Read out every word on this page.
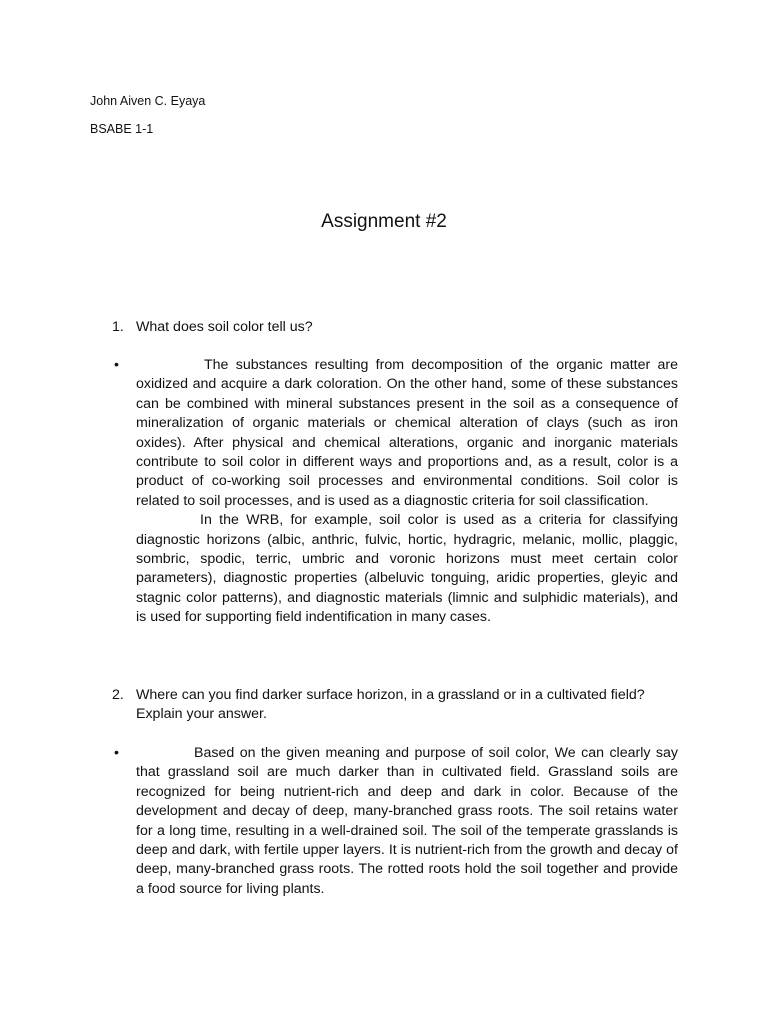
John Aiven C. Eyaya
BSABE 1-1
Assignment #2
1. What does soil color tell us?
•	The substances resulting from decomposition of the organic matter are oxidized and acquire a dark coloration. On the other hand, some of these substances can be combined with mineral substances present in the soil as a consequence of mineralization of organic materials or chemical alteration of clays (such as iron oxides). After physical and chemical alterations, organic and inorganic materials contribute to soil color in different ways and proportions and, as a result, color is a product of co-working soil processes and environmental conditions. Soil color is related to soil processes, and is used as a diagnostic criteria for soil classification.

In the WRB, for example, soil color is used as a criteria for classifying diagnostic horizons (albic, anthric, fulvic, hortic, hydragric, melanic, mollic, plaggic, sombric, spodic, terric, umbric and voronic horizons must meet certain color parameters), diagnostic properties (albeluvic tonguing, aridic properties, gleyic and stagnic color patterns), and diagnostic materials (limnic and sulphidic materials), and is used for supporting field indentification in many cases.

2. Where can you find darker surface horizon, in a grassland or in a cultivated field? Explain your answer.
•	Based on the given meaning and purpose of soil color, We can clearly say that grassland soil are much darker than in cultivated field. Grassland soils are recognized for being nutrient-rich and deep and dark in color. Because of the development and decay of deep, many-branched grass roots. The soil retains water for a long time, resulting in a well-drained soil. The soil of the temperate grasslands is deep and dark, with fertile upper layers. It is nutrient-rich from the growth and decay of deep, many-branched grass roots. The rotted roots hold the soil together and provide a food source for living plants.
